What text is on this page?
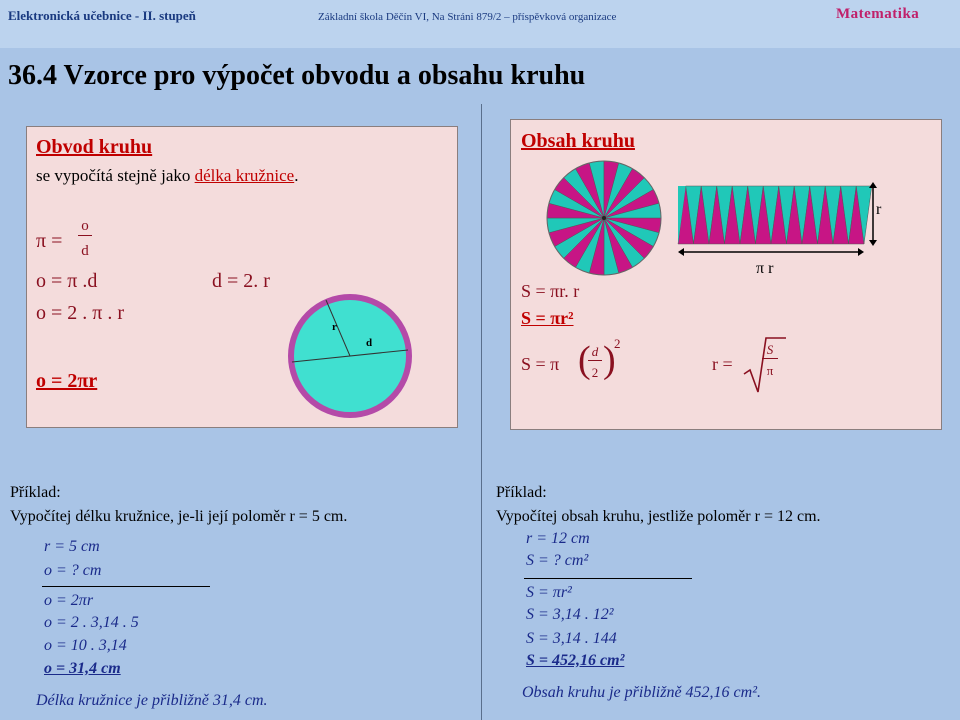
Elektronická učebnice - II. stupeň	Základní škola Děčín VI, Na Stráni 879/2 – příspěvková organizace	Matematika
36.4 Vzorce pro výpočet obvodu a obsahu kruhu
Obvod kruhu
se vypočítá stejně jako délka kružnice.
π =
o
d
o = π .d	d = 2. r
o = 2 . π . r
o = 2πr
r
d
Obsah kruhu
r
π r
S = πr. r
S = πr²
S = π ( d
2 )
2
r =
S
π
Příklad:
Vypočítej délku kružnice, je-li její poloměr r = 5 cm.
r = 5 cm
o = ? cm
o = 2πr
o = 2 . 3,14 . 5
o = 10 . 3,14
o = 31,4 cm
Délka kružnice je přibližně 31,4 cm.
Příklad:
Vypočítej obsah kruhu, jestliže poloměr r = 12 cm.
r = 12 cm
S = ? cm²
S = πr²
S = 3,14 . 12²
S = 3,14 . 144
S = 452,16 cm²
Obsah kruhu je přibližně 452,16 cm².
